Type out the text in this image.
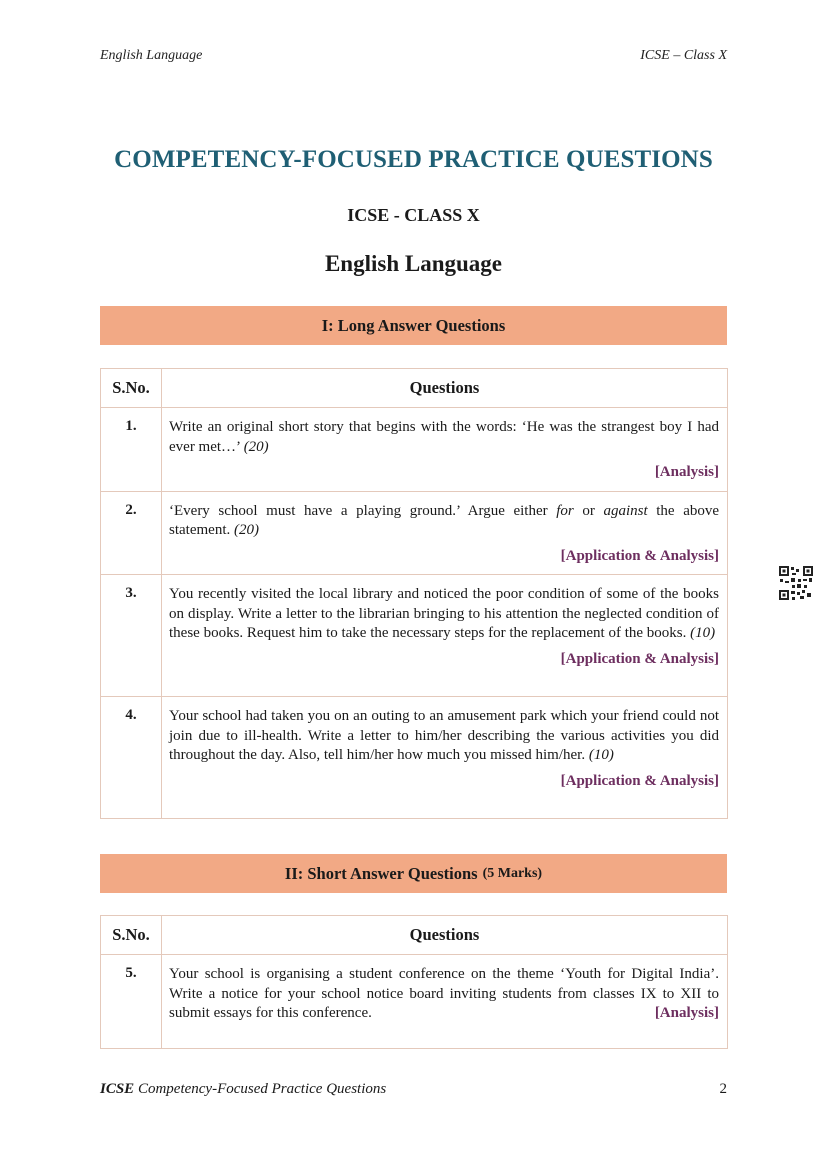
English Language	ICSE – Class X
COMPETENCY-FOCUSED PRACTICE QUESTIONS
ICSE - CLASS X
English Language
I: Long Answer Questions
S.No.	Questions
1.	Write an original short story that begins with the words: ‘He was the strangest boy I had ever met…’ (20)
[Analysis]

2.	‘Every school must have a playing ground.’ Argue either for or against the above statement. (20)
[Application & Analysis]

3.	You recently visited the local library and noticed the poor condition of some of the books on display. Write a letter to the librarian bringing to his attention the neglected condition of these books. Request him to take the necessary steps for the replacement of the books. (10)
[Application & Analysis]

4.	Your school had taken you on an outing to an amusement park which your friend could not join due to ill-health. Write a letter to him/her describing the various activities you did throughout the day. Also, tell him/her how much you missed him/her. (10)
[Application & Analysis]
II: Short Answer Questions (5 Marks)
S.No.	Questions
5.	Your school is organising a student conference on the theme ‘Youth for Digital India’. Write a notice for your school notice board inviting students from classes IX to XII to submit essays for this conference. [Analysis]
ICSE Competency-Focused Practice Questions	2
